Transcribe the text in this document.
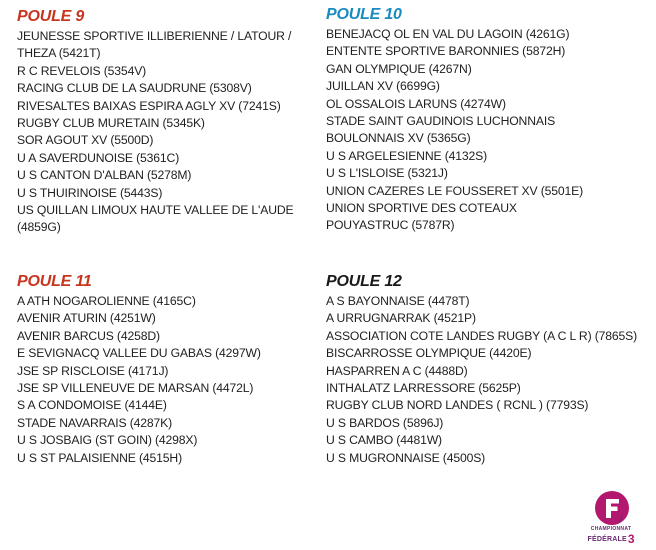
POULE 9
JEUNESSE SPORTIVE ILLIBERIENNE / LATOUR / THEZA (5421T)
R C REVELOIS (5354V)
RACING CLUB DE LA SAUDRUNE (5308V)
RIVESALTES BAIXAS ESPIRA AGLY XV (7241S)
RUGBY CLUB MURETAIN (5345K)
SOR AGOUT XV (5500D)
U A SAVERDUNOISE (5361C)
U S CANTON D'ALBAN (5278M)
U S THUIRINOISE (5443S)
US QUILLAN LIMOUX HAUTE VALLEE DE L'AUDE (4859G)
POULE 10
BENEJACQ OL EN VAL DU LAGOIN (4261G)
ENTENTE SPORTIVE BARONNIES (5872H)
GAN OLYMPIQUE (4267N)
JUILLAN XV (6699G)
OL OSSALOIS LARUNS (4274W)
STADE SAINT GAUDINOIS LUCHONNAIS
BOULONNAIS XV (5365G)
U S ARGELESIENNE (4132S)
U S L'ISLOISE (5321J)
UNION CAZERES LE FOUSSERET XV (5501E)
UNION SPORTIVE DES COTEAUX
POUYASTRUC (5787R)
POULE 11
A ATH NOGAROLIENNE (4165C)
AVENIR ATURIN (4251W)
AVENIR BARCUS (4258D)
E SEVIGNACQ VALLEE DU GABAS (4297W)
JSE SP RISCLOISE (4171J)
JSE SP VILLENEUVE DE MARSAN (4472L)
S A CONDOMOISE (4144E)
STADE NAVARRAIS (4287K)
U S JOSBAIG (ST GOIN) (4298X)
U S ST PALAISIENNE (4515H)
POULE 12
A S BAYONNAISE (4478T)
A URRUGNARRAK (4521P)
ASSOCIATION COTE LANDES RUGBY (A C L R) (7865S)
BISCARROSSE OLYMPIQUE (4420E)
HASPARREN A C (4488D)
INTHALATZ LARRESSORE (5625P)
RUGBY CLUB NORD LANDES ( RCNL ) (7793S)
U S BARDOS (5896J)
U S CAMBO (4481W)
U S MUGRONNAISE (4500S)
CHAMPIONNAT
FÉDÉRALE3
